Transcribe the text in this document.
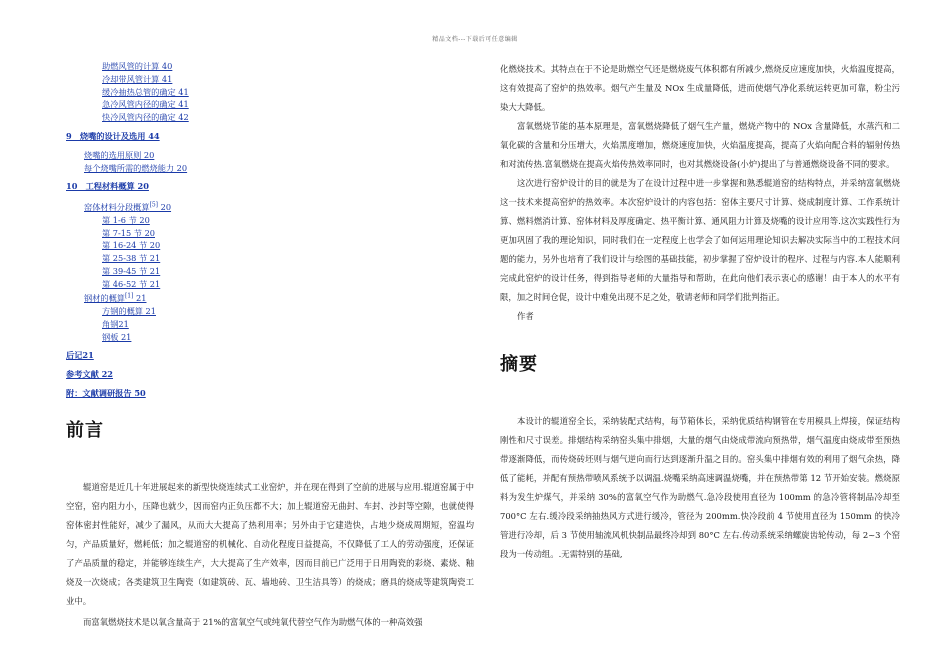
精品文档---下载后可任意编辑
助燃风管的计算 40
冷却带风管计算 41
缓冷抽热总管的确定 41
急冷风管内径的确定 41
快冷风管内径的确定 42
9　烧嘴的设计及选用 44
烧嘴的选用原则 20
每个烧嘴所需的燃烧能力 20
10　工程材料概算 20
窑体材料分段概算[5] 20
第 1-6 节 20
第 7-15 节 20
第 16-24 节 20
第 25-38 节 21
第 39-45 节 21
第 46-52 节 21
钢材的概算[1] 21
方钢的概算 21
角钢21
钢板 21
后记21
参考文献 22
附：文献调研报告 50
前言

辊道窑是近几十年进展起来的新型快烧连续式工业窑炉，并在现在得到了空前的进展与应用.辊道窑属于中空窑，窑内阻力小，压降也就少，因而窑内正负压都不大；加上辊道窑无曲封、车封、沙封等空隙，也就使得窑体密封性能好，减少了漏风，从而大大提高了热利用率；另外由于它建造快，占地少烧成周期短，窑温均匀，产品质量好，燃耗低；加之辊道窑的机械化、自动化程度日益提高，不仅降低了工人的劳动强度，还保证了产品质量的稳定，并能够连续生产，大大提高了生产效率，因而目前已广泛用于日用陶瓷的彩烧、素烧、釉烧及一次烧成；各类建筑卫生陶瓷（如建筑砖、瓦、墙地砖、卫生洁具等）的烧成；磨具的烧成等建筑陶瓷工业中。

而富氧燃烧技术是以氧含量高于 21%的富氧空气或纯氧代替空气作为助燃气体的一种高效强

化燃烧技术。其特点在于不论是助燃空气还是燃烧废气体积都有所减少,燃烧反应速度加快，火焰温度提高，这有效提高了窑炉的热效率。烟气产生量及 NOx 生成量降低，进而使烟气净化系统运转更加可靠，粉尘污染大大降低。

富氧燃烧节能的基本原理是，富氧燃烧降低了烟气生产量，燃烧产物中的 NOx 含量降低，水蒸汽和二氧化碳的含量和分压增大，火焰黑度增加，燃烧速度加快，火焰温度提高，提高了火焰向配合料的辐射传热和对流传热.富氧燃烧在提高火焰传热效率同时，也对其燃烧设备(小炉)提出了与普通燃烧设备不同的要求。

这次进行窑炉设计的目的就是为了在设计过程中进一步掌握和熟悉辊道窑的结构特点，并采纳富氧燃烧这一技术来提高窑炉的热效率。本次窑炉设计的内容包括：窑体主要尺寸计算、烧成制度计算、工作系统计算、燃料燃消计算、窑体材料及厚度确定、热平衡计算、通风阻力计算及烧嘴的设计应用等.这次实践性行为更加巩固了我的理论知识，同时我们在一定程度上也学会了如何运用理论知识去解决实际当中的工程技术问题的能力，另外也培育了我们设计与绘图的基础技能，初步掌握了窑炉设计的程序、过程与内容.本人能顺利完成此窑炉的设计任务，得到指导老师的大量指导和帮助，在此向他们表示衷心的感谢！由于本人的水平有限，加之时间仓促，设计中难免出现不足之处，敬请老师和同学们批判指正。

作者

摘要

本设计的辊道窑全长，采纳装配式结构，每节箱体长，采纳优质结构钢管在专用模具上焊接，保证结构刚性和尺寸误差。排烟结构采纳窑头集中排烟，大量的烟气由烧成带流向预热带，烟气温度由烧成带至预热带逐渐降低，而传烧砖坯则与烟气逆向而行达到逐渐升温之目的。窑头集中排烟有效的利用了烟气余热，降低了能耗，并配有预热带喷风系统予以调温.烧嘴采纳高速调温烧嘴，并在预热带第 12 节开始安装。燃烧原料为发生炉煤气，并采纳 30%的富氧空气作为助燃气.急冷段使用直径为 100mm 的急冷管将制品冷却至 700°C 左右.缓冷段采纳抽热风方式进行缓冷，管径为 200mm.快冷段前 4 节使用直径为 150mm 的快冷管进行冷却，后 3 节使用轴流风机快制品最终冷却到 80°C 左右.传动系统采纳螺旋齿轮传动，每 2~3 个窑段为一传动组。.无需特别的基础,
